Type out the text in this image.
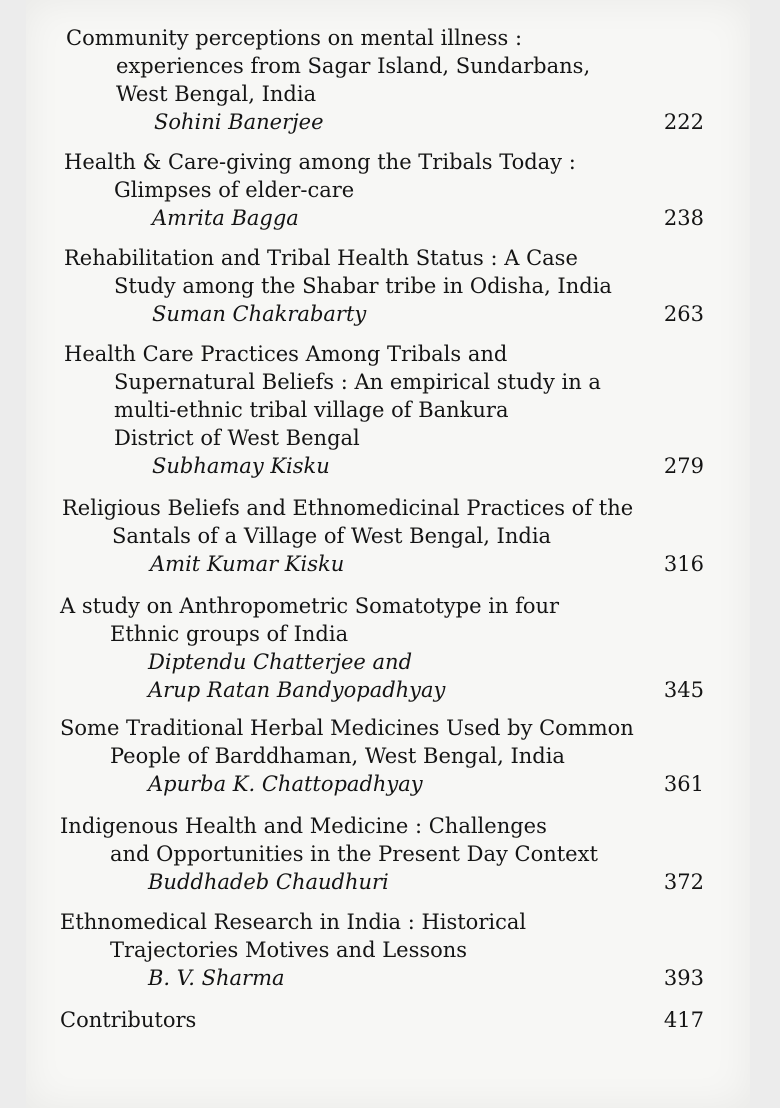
Community perceptions on mental illness :
experiences from Sagar Island, Sundarbans,
West Bengal, India
Sohini Banerjee	222
Health & Care-giving among the Tribals Today :
Glimpses of elder-care
Amrita Bagga	238
Rehabilitation and Tribal Health Status : A Case
Study among the Shabar tribe in Odisha, India
Suman Chakrabarty	263
Health Care Practices Among Tribals and
Supernatural Beliefs : An empirical study in a
multi-ethnic tribal village of Bankura
District of West Bengal
Subhamay Kisku	279
Religious Beliefs and Ethnomedicinal Practices of the
Santals of a Village of West Bengal, India
Amit Kumar Kisku	316
A study on Anthropometric Somatotype in four
Ethnic groups of India
Diptendu Chatterjee and
Arup Ratan Bandyopadhyay	345
Some Traditional Herbal Medicines Used by Common
People of Barddhaman, West Bengal, India
Apurba K. Chattopadhyay	361
Indigenous Health and Medicine : Challenges
and Opportunities in the Present Day Context
Buddhadeb Chaudhuri	372
Ethnomedical Research in India : Historical
Trajectories Motives and Lessons
B. V. Sharma	393
Contributors	417
